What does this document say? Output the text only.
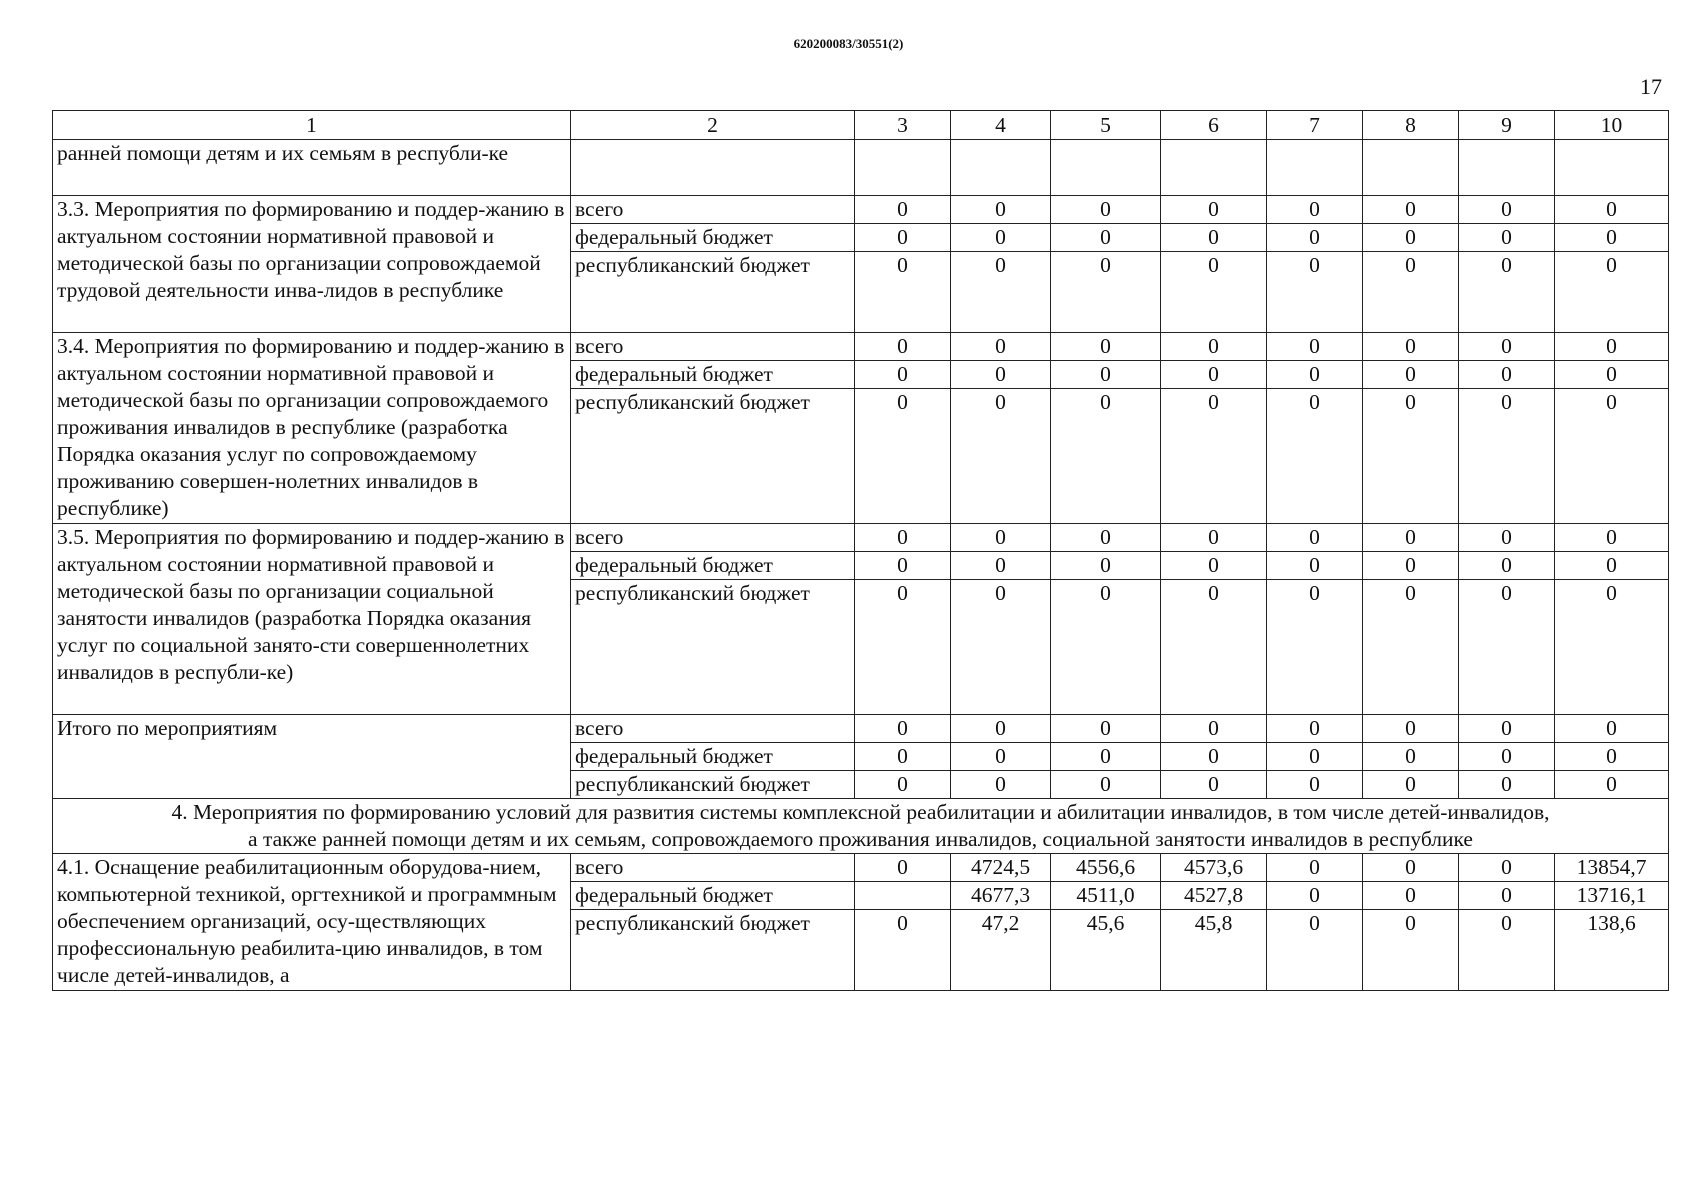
620200083/30551(2)
17
1	2	3	4	5	6	7	8	9	10
ранней помощи детям и их семьям в республи-ке									
3.3. Мероприятия по формированию и поддер-жанию в актуальном состоянии нормативной правовой и методической базы по организации сопровождаемой трудовой деятельности инва-лидов в республике	всего	0	0	0	0	0	0	0	0
	федеральный бюджет	0	0	0	0	0	0	0	0
	республиканский бюджет	0	0	0	0	0	0	0	0
3.4. Мероприятия по формированию и поддер-жанию в актуальном состоянии нормативной правовой и методической базы по организации сопровождаемого проживания инвалидов в республике (разработка Порядка оказания услуг по сопровождаемому проживанию совершен-нолетних инвалидов в республике)	всего	0	0	0	0	0	0	0	0
	федеральный бюджет	0	0	0	0	0	0	0	0
	республиканский бюджет	0	0	0	0	0	0	0	0
3.5. Мероприятия по формированию и поддер-жанию в актуальном состоянии нормативной правовой и методической базы по организации социальной занятости инвалидов (разработка Порядка оказания услуг по социальной занято-сти совершеннолетних инвалидов в республи-ке)	всего	0	0	0	0	0	0	0	0
	федеральный бюджет	0	0	0	0	0	0	0	0
	республиканский бюджет	0	0	0	0	0	0	0	0
Итого по мероприятиям	всего	0	0	0	0	0	0	0	0
	федеральный бюджет	0	0	0	0	0	0	0	0
	республиканский бюджет	0	0	0	0	0	0	0	0

4. Мероприятия по формированию условий для развития системы комплексной реабилитации и абилитации инвалидов, в том числе детей-инвалидов,
а также ранней помощи детям и их семьям, сопровождаемого проживания инвалидов, социальной занятости инвалидов в республике									

4.1. Оснащение реабилитационным оборудова-нием, компьютерной техникой, оргтехникой и программным обеспечением организаций, осу-ществляющих профессиональную реабилита-цию инвалидов, в том числе детей-инвалидов, а	всего	0	4724,5	4556,6	4573,6	0	0	0	13854,7
	федеральный бюджет		4677,3	4511,0	4527,8	0	0	0	13716,1
	республиканский бюджет	0	47,2	45,6	45,8	0	0	0	138,6
